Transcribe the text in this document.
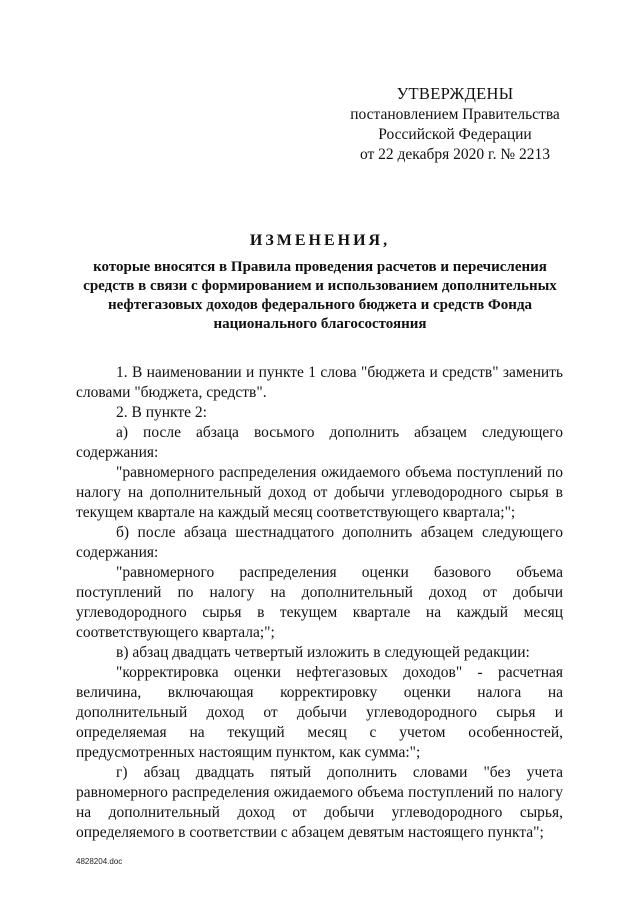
УТВЕРЖДЕНЫ
постановлением Правительства
Российской Федерации
от 22 декабря 2020 г. № 2213
ИЗМЕНЕНИЯ,
которые вносятся в Правила проведения расчетов и перечисления средств в связи с формированием и использованием дополнительных нефтегазовых доходов федерального бюджета и средств Фонда национального благосостояния

1. В наименовании и пункте 1 слова "бюджета и средств" заменить словами "бюджета, средств".

2. В пункте 2:

а) после абзаца восьмого дополнить абзацем следующего содержания:

"равномерного распределения ожидаемого объема поступлений по налогу на дополнительный доход от добычи углеводородного сырья в текущем квартале на каждый месяц соответствующего квартала;";

б) после абзаца шестнадцатого дополнить абзацем следующего содержания:

"равномерного распределения оценки базового объема поступлений по налогу на дополнительный доход от добычи углеводородного сырья в текущем квартале на каждый месяц соответствующего квартала;";

в) абзац двадцать четвертый изложить в следующей редакции:

"корректировка оценки нефтегазовых доходов" - расчетная величина, включающая корректировку оценки налога на дополнительный доход от добычи углеводородного сырья и определяемая на текущий месяц с учетом особенностей, предусмотренных настоящим пунктом, как сумма:";

г) абзац двадцать пятый дополнить словами "без учета равномерного распределения ожидаемого объема поступлений по налогу на дополнительный доход от добычи углеводородного сырья, определяемого в соответствии с абзацем девятым настоящего пункта";

4828204.doc
